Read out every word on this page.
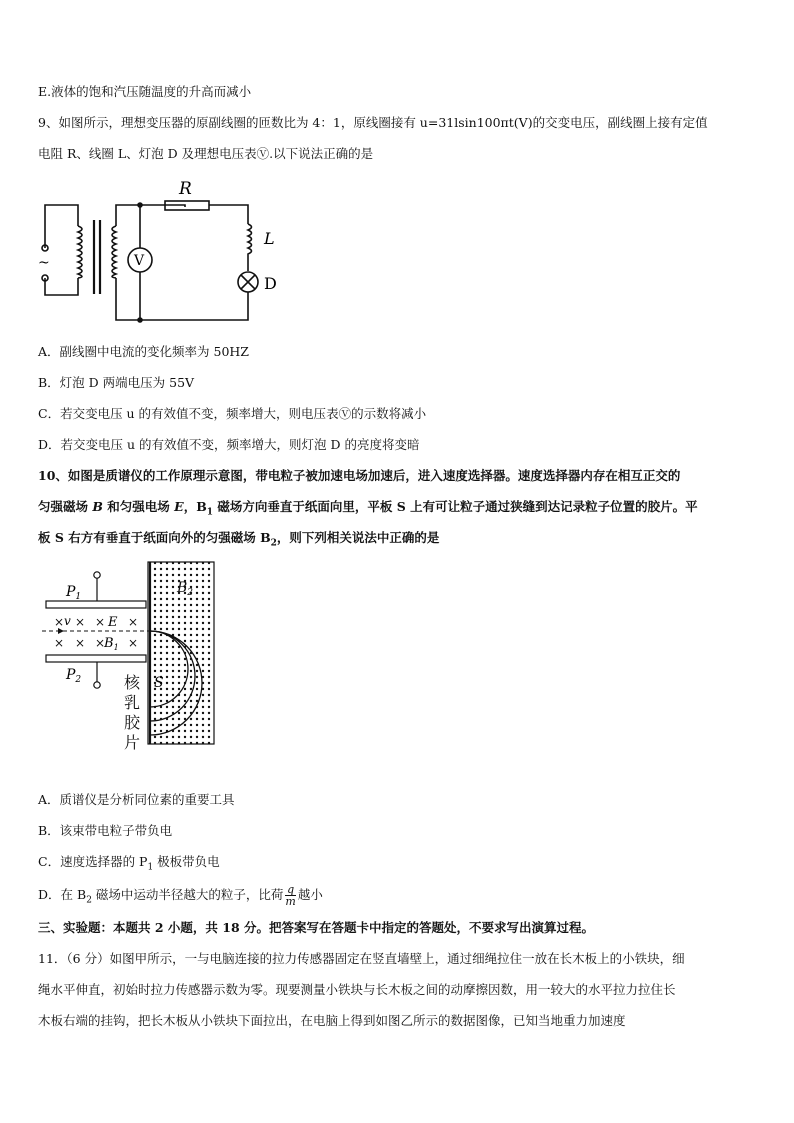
E.液体的饱和汽压随温度的升高而减小
9、如图所示，理想变压器的原副线圈的匝数比为 4：1，原线圈接有 u=31lsin100πt(V)的交变电压，副线圈上接有定值
电阻 R、线圈 L、灯泡 D 及理想电压表Ⓥ.以下说法正确的是
~	V
R
L
D
A．副线圈中电流的变化频率为 50HZ
B．灯泡 D 两端电压为 55V
C．若交变电压 u 的有效值不变，频率增大，则电压表Ⓥ的示数将减小
D．若交变电压 u 的有效值不变，频率增大，则灯泡 D 的亮度将变暗
10、如图是质谱仪的工作原理示意图，带电粒子被加速电场加速后，进入速度选择器。速度选择器内存在相互正交的
匀强磁场 B 和匀强电场 E，$B_1$ 磁场方向垂直于纸面向里，平板 S 上有可让粒子通过狭缝到达记录粒子位置的胶片。平
板 S 右方有垂直于纸面向外的匀强磁场 $B_2$，则下列相关说法中正确的是
× × × ×
× × × ×
$P_1$
$P_2$
v	E
$B_1$
$B_2$
S
核
乳
胶
片
A．质谱仪是分析同位素的重要工具
B．该束带电粒子带负电
C．速度选择器的 $P_1$ 极板带负电
D．在 $B_2$ 磁场中运动半径越大的粒子，比荷 $\frac{q}{m}$ 越小
三、实验题：本题共 2 小题，共 18 分。把答案写在答题卡中指定的答题处，不要求写出演算过程。
11．（6 分）如图甲所示，一与电脑连接的拉力传感器固定在竖直墙壁上，通过细绳拉住一放在长木板上的小铁块，细
绳水平伸直，初始时拉力传感器示数为零。现要测量小铁块与长木板之间的动摩擦因数，用一较大的水平拉力拉住长
木板右端的挂钩，把长木板从小铁块下面拉出，在电脑上得到如图乙所示的数据图像，已知当地重力加速度
